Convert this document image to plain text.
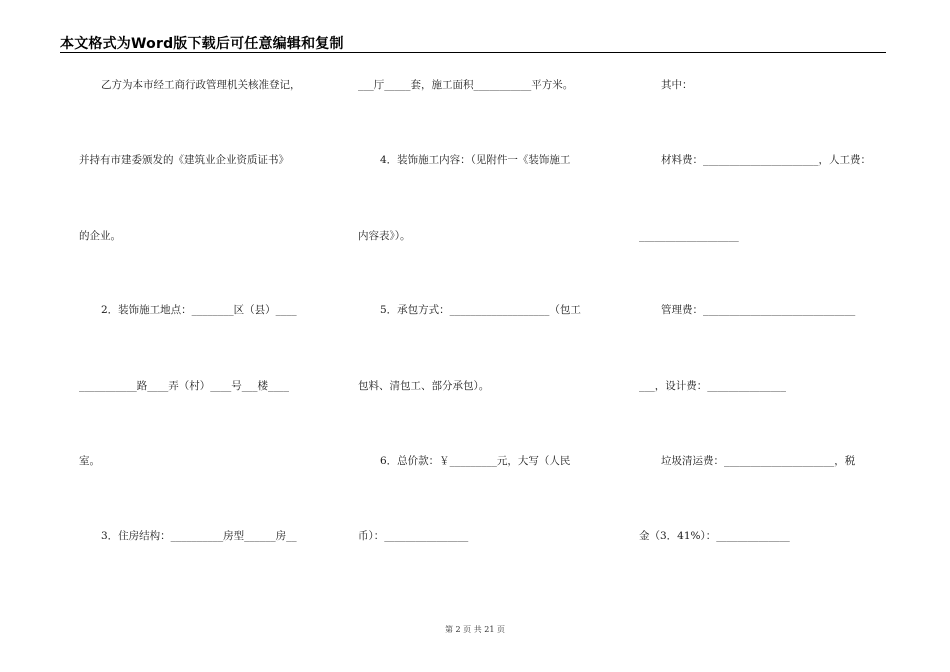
本文格式为Word版下载后可任意编辑和复制
乙方为本市经工商行政管理机关核准登记，
并持有市建委颁发的《建筑业企业资质证书》
的企业。
2．装饰施工地点：________区（县）____
___________路____弄（村）____号___楼____
室。
3．住房结构：__________房型______房__
___厅_____套，施工面积___________平方米。
4．装饰施工内容：（见附件一《装饰施工
内容表》）。
5．承包方式：___________________（包工
包料、清包工、部分承包）。
6．总价款：￥_________元，大写（人民
币）：________________
其中：
材料费：______________________，人工费：
___________________
管理费：_____________________________
___，设计费：_______________
垃圾清运费：_____________________，税
金（3．41%）：______________
第 2 页 共 21 页
